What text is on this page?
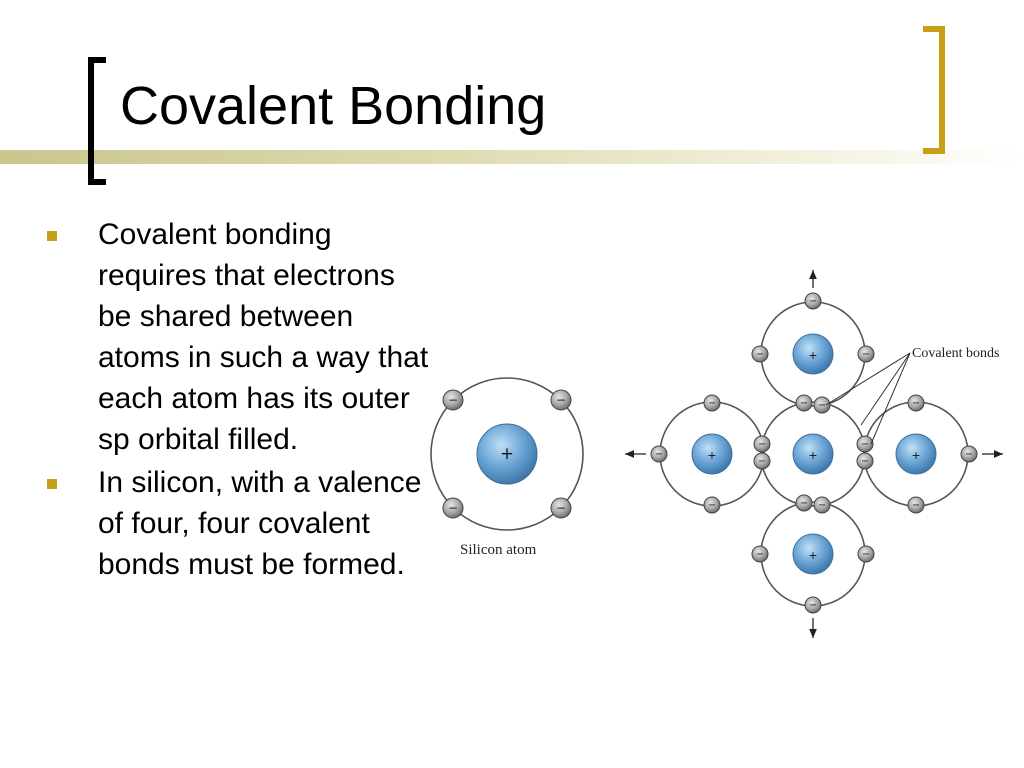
Covalent Bonding
Covalent bonding requires that electrons be shared between atoms in such a way that each atom has its outer sp orbital filled.
In silicon, with a valence of four, four covalent bonds must be formed.
+
−	−
−	−
+
+	+	+
+
−
−	−
− −
−
−
−
−
−
−
−
−
−
−
− −
−	−
−
Silicon atom
Covalent bonds
